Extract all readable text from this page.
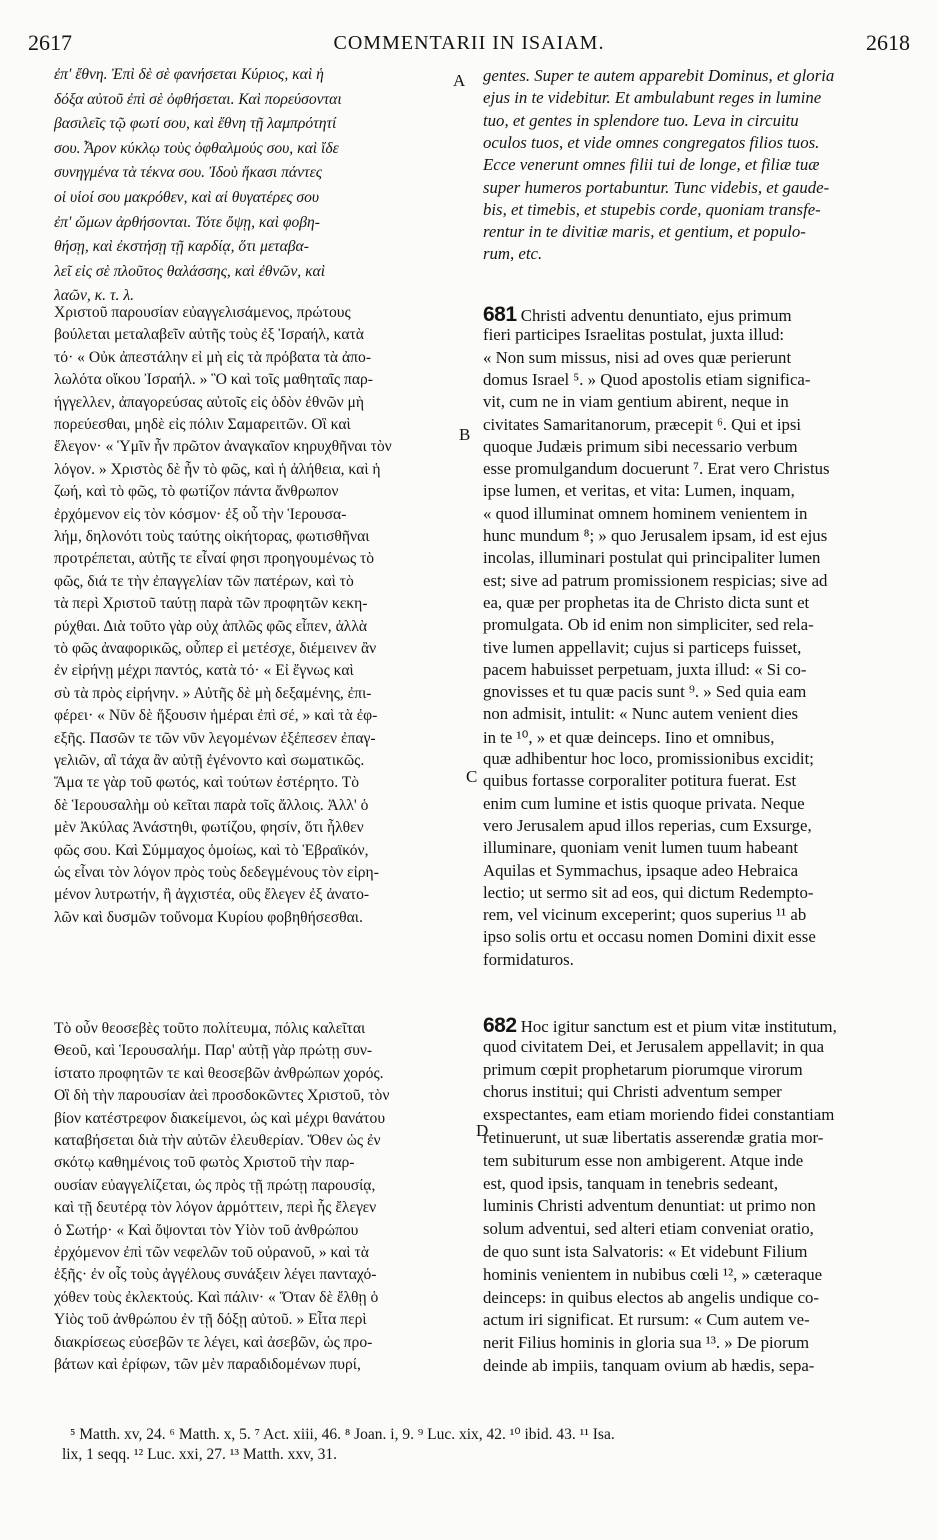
2617	COMMENTARII IN ISAIAM.	2618
ἐπ' ἔθνη. Ἐπὶ δὲ σὲ φανήσεται Κύριος, καὶ ἡ
δόξα αὐτοῦ ἐπὶ σὲ ὀφθήσεται. Καὶ πορεύσονται
βασιλεῖς τῷ φωτί σου, καὶ ἔθνη τῇ λαμπρότητί
σου. Ἆρον κύκλῳ τοὺς ὀφθαλμούς σου, καὶ ἴδε
συνηγμένα τὰ τέκνα σου. Ἰδοὺ ἥκασι πάντες
οἱ υἱοί σου μακρόθεν, καὶ αἱ θυγατέρες σου
ἐπ' ὤμων ἀρθήσονται. Τότε ὄψῃ, καὶ φοβη-
θήσῃ, καὶ ἐκστήσῃ τῇ καρδίᾳ, ὅτι μεταβα-
λεῖ εἰς σὲ πλοῦτος θαλάσσης, καὶ ἐθνῶν, καὶ
λαῶν, κ. τ. λ.
gentes. Super te autem apparebit Dominus, et gloria
ejus in te videbitur. Et ambulabunt reges in lumine
tuo, et gentes in splendore tuo. Leva in circuitu
oculos tuos, et vide omnes congregatos filios tuos.
Ecce venerunt omnes filii tui de longe, et filiæ tuæ
super humeros portabuntur. Tunc videbis, et gaude-
bis, et timebis, et stupebis corde, quoniam transfe-
rentur in te divitiæ maris, et gentium, et populo-
rum, etc.
Χριστοῦ παρουσίαν εὐαγγελισάμενος, πρώτους
βούλεται μεταλαβεῖν αὐτῆς τοὺς ἐξ Ἰσραήλ, κατὰ
τό· « Οὐκ ἀπεστάλην εἰ μὴ εἰς τὰ πρόβατα τὰ ἀπο-
λωλότα οἴκου Ἰσραήλ. » Ὃ καὶ τοῖς μαθηταῖς παρ-
ήγγελλεν, ἀπαγορεύσας αὐτοῖς εἰς ὁδὸν ἐθνῶν μὴ
πορεύεσθαι, μηδὲ εἰς πόλιν Σαμαρειτῶν. Οἳ καὶ
ἔλεγον· « Ὑμῖν ἦν πρῶτον ἀναγκαῖον κηρυχθῆναι τὸν
λόγον. » Χριστὸς δὲ ἦν τὸ φῶς, καὶ ἡ ἀλήθεια, καὶ ἡ
ζωή, καὶ τὸ φῶς, τὸ φωτίζον πάντα ἄνθρωπον
ἐρχόμενον εἰς τὸν κόσμον· ἐξ οὗ τὴν Ἱερουσα-
λήμ, δηλονότι τοὺς ταύτης οἰκήτορας, φωτισθῆναι
προτρέπεται, αὐτῆς τε εἶναί φησι προηγουμένως τὸ
φῶς, διά τε τὴν ἐπαγγελίαν τῶν πατέρων, καὶ τὸ
τὰ περὶ Χριστοῦ ταύτῃ παρὰ τῶν προφητῶν κεκη-
ρύχθαι. Διὰ τοῦτο γὰρ οὐχ ἁπλῶς φῶς εἶπεν, ἀλλὰ
τὸ φῶς ἀναφορικῶς, οὗπερ εἰ μετέσχε, διέμεινεν ἂν
ἐν εἰρήνῃ μέχρι παντός, κατὰ τό· « Εἰ ἔγνως καὶ
σὺ τὰ πρὸς εἰρήνην. » Αὐτῆς δὲ μὴ δεξαμένης, ἐπι-
φέρει· « Νῦν δὲ ἥξουσιν ἡμέραι ἐπὶ σέ, » καὶ τὰ ἐφ-
εξῆς. Πασῶν τε τῶν νῦν λεγομένων ἐξέπεσεν ἐπαγ-
γελιῶν, αἳ τάχα ἂν αὐτῇ ἐγένοντο καὶ σωματικῶς.
Ἅμα τε γὰρ τοῦ φωτός, καὶ τούτων ἐστέρητο. Τὸ
δὲ Ἱερουσαλὴμ οὐ κεῖται παρὰ τοῖς ἄλλοις. Ἀλλ' ὁ
μὲν Ἀκύλας Ἀνάστηθι, φωτίζου, φησίν, ὅτι ἦλθεν
φῶς σου. Καὶ Σύμμαχος ὁμοίως, καὶ τὸ Ἑβραϊκόν,
ὡς εἶναι τὸν λόγον πρὸς τοὺς δεδεγμένους τὸν εἰρη-
μένον λυτρωτήν, ἢ ἀγχιστέα, οὓς ἔλεγεν ἐξ ἀνατο-
λῶν καὶ δυσμῶν τοὔνομα Κυρίου φοβηθήσεσθαι.
Τὸ οὖν θεοσεβὲς τοῦτο πολίτευμα, πόλις καλεῖται
Θεοῦ, καὶ Ἱερουσαλήμ. Παρ' αὐτῇ γὰρ πρώτῃ συν-
ίστατο προφητῶν τε καὶ θεοσεβῶν ἀνθρώπων χορός.
Οἳ δὴ τὴν παρουσίαν ἀεὶ προσδοκῶντες Χριστοῦ, τὸν
βίον κατέστρεφον διακείμενοι, ὡς καὶ μέχρι θανάτου
καταβήσεται διὰ τὴν αὐτῶν ἐλευθερίαν. Ὅθεν ὡς ἐν
σκότῳ καθημένοις τοῦ φωτὸς Χριστοῦ τὴν παρ-
ουσίαν εὐαγγελίζεται, ὡς πρὸς τῇ πρώτῃ παρουσίᾳ,
καὶ τῇ δευτέρᾳ τὸν λόγον ἁρμόττειν, περὶ ἧς ἔλεγεν
ὁ Σωτήρ· « Καὶ ὄψονται τὸν Υἱὸν τοῦ ἀνθρώπου
ἐρχόμενον ἐπὶ τῶν νεφελῶν τοῦ οὐρανοῦ, » καὶ τὰ
ἑξῆς· ἐν οἷς τοὺς ἀγγέλους συνάξειν λέγει πανταχό-
χόθεν τοὺς ἐκλεκτούς. Καὶ πάλιν· « Ὅταν δὲ ἔλθῃ ὁ
Υἱὸς τοῦ ἀνθρώπου ἐν τῇ δόξῃ αὐτοῦ. » Εἶτα περὶ
διακρίσεως εὐσεβῶν τε λέγει, καὶ ἀσεβῶν, ὡς προ-
βάτων καὶ ἐρίφων, τῶν μὲν παραδιδομένων πυρί,
681 Christi adventu denuntiato, ejus primum
fieri participes Israelitas postulat, juxta illud:
« Non sum missus, nisi ad oves quæ perierunt
domus Israel ⁵. » Quod apostolis etiam significa-
vit, cum ne in viam gentium abirent, neque in
civitates Samaritanorum, præcepit ⁶. Qui et ipsi
quoque Judæis primum sibi necessario verbum
esse promulgandum docuerunt ⁷. Erat vero Christus
ipse lumen, et veritas, et vita: Lumen, inquam,
« quod illuminat omnem hominem venientem in
hunc mundum ⁸; » quo Jerusalem ipsam, id est ejus
incolas, illuminari postulat qui principaliter lumen
est; sive ad patrum promissionem respicias; sive ad
ea, quæ per prophetas ita de Christo dicta sunt et
promulgata. Ob id enim non simpliciter, sed rela-
tive lumen appellavit; cujus si particeps fuisset,
pacem habuisset perpetuam, juxta illud: « Si co-
gnovisses et tu quæ pacis sunt ⁹. » Sed quia eam
non admisit, intulit: « Nunc autem venient dies
in te ¹⁰, » et quæ deinceps. Iino et omnibus,
quæ adhibentur hoc loco, promissionibus excidit;
quibus fortasse corporaliter potitura fuerat. Est
enim cum lumine et istis quoque privata. Neque
vero Jerusalem apud illos reperias, cum Exsurge,
illuminare, quoniam venit lumen tuum habeant
Aquilas et Symmachus, ipsaque adeo Hebraica
lectio; ut sermo sit ad eos, qui dictum Redempto-
rem, vel vicinum exceperint; quos superius ¹¹ ab
ipso solis ortu et occasu nomen Domini dixit esse
formidaturos.
682 Hoc igitur sanctum est et pium vitæ institutum,
quod civitatem Dei, et Jerusalem appellavit; in qua
primum cœpit prophetarum piorumque virorum
chorus institui; qui Christi adventum semper
exspectantes, eam etiam moriendo fidei constantiam
retinuerunt, ut suæ libertatis asserendæ gratia mor-
tem subiturum esse non ambigerent. Atque inde
est, quod ipsis, tanquam in tenebris sedeant,
luminis Christi adventum denuntiat: ut primo non
solum adventui, sed alteri etiam conveniat oratio,
de quo sunt ista Salvatoris: « Et videbunt Filium
hominis venientem in nubibus cœli ¹², » cæteraque
deinceps: in quibus electos ab angelis undique co-
actum iri significat. Et rursum: « Cum autem ve-
nerit Filius hominis in gloria sua ¹³. » De piorum
deinde ab impiis, tanquam ovium ab hædis, sepa-
A
B
C
D
⁵ Matth. xv, 24. ⁶ Matth. x, 5. ⁷ Act. xiii, 46. ⁸ Joan. i, 9. ⁹ Luc. xix, 42. ¹⁰ ibid. 43. ¹¹ Isa.
lix, 1 seqq. ¹² Luc. xxi, 27. ¹³ Matth. xxv, 31.
